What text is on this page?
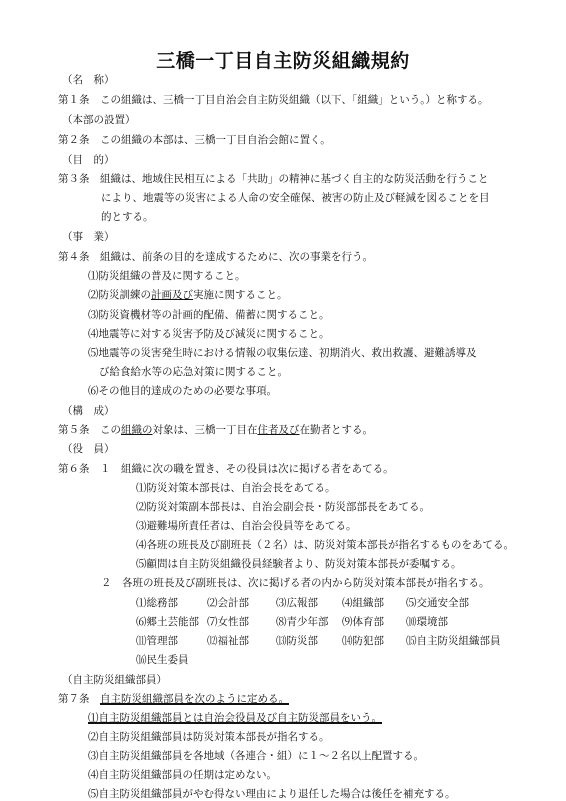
三橋一丁目自主防災組織規約
（名　称）
第１条　この組織は、三橋一丁目自治会自主防災組織（以下、「組織」という。）と称する。
（本部の設置）
第２条　この組織の本部は、三橋一丁目自治会館に置く。
（目　的）
第３条　組織は、地域住民相互による「共助」の精神に基づく自主的な防災活動を行うこと
により、地震等の災害による人命の安全確保、被害の防止及び軽減を図ることを目
的とする。
（事　業）
第４条　組織は、前条の目的を達成するために、次の事業を行う。
⑴防災組織の普及に関すること。
⑵防災訓練の計画及び実施に関すること。
⑶防災資機材等の計画的配備、備蓄に関すること。
⑷地震等に対する災害予防及び減災に関すること。
⑸地震等の災害発生時における情報の収集伝達、初期消火、救出救護、避難誘導及
び給食給水等の応急対策に関すること。
⑹その他目的達成のための必要な事項。
（構　成）
第５条　この組織の対象は、三橋一丁目在住者及び在勤者とする。
（役　員）
第６条　１　組織に次の職を置き、その役員は次に掲げる者をあてる。
⑴防災対策本部長は、自治会長をあてる。
⑵防災対策副本部長は、自治会副会長・防災部部長をあてる。
⑶避難場所責任者は、自治会役員等をあてる。
⑷各班の班長及び副班長（２名）は、防災対策本部長が指名するものをあてる。
⑸顧問は自主防災組織役員経験者より、防災対策本部長が委嘱する。
２　各班の班長及び副班長は、次に掲げる者の内から防災対策本部長が指名する。
⑴総務部	⑵会計部	⑶広報部 ⑷組織部 ⑸交通安全部
⑹郷土芸能部 ⑺女性部	⑻青少年部 ⑼体育部 ⑽環境部
⑾管理部	⑿福祉部	⒀防災部 ⒁防犯部 ⒂自主防災組織部員
⒃民生委員
（自主防災組織部員）
第７条　自主防災組織部員を次のように定める。
⑴自主防災組織部員とは自治会役員及び自主防災部員をいう。
⑵自主防災組織部員は防災対策本部長が指名する。
⑶自主防災組織部員を各地域（各連合・組）に１～２名以上配置する。
⑷自主防災組織部員の任期は定めない。
⑸自主防災組織部員がやむ得ない理由により退任した場合は後任を補充する。
